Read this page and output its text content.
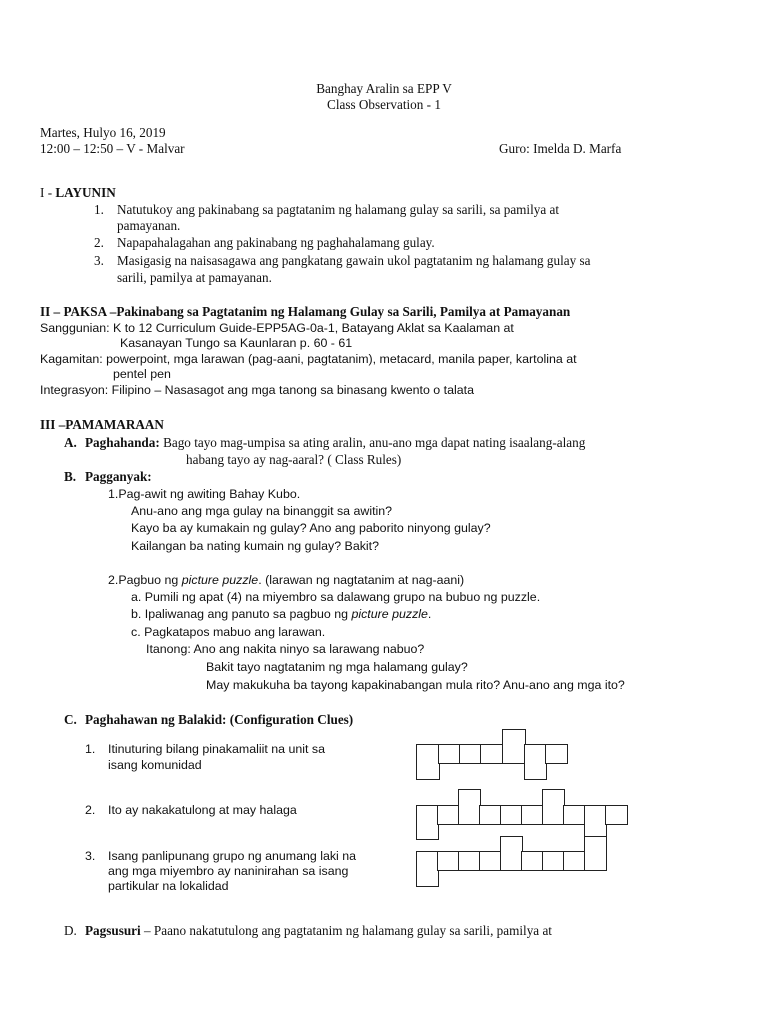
Banghay Aralin sa EPP V
Class Observation - 1
Martes, Hulyo 16, 2019
12:00 – 12:50 – V - Malvar	Guro: Imelda D. Marfa
I - LAYUNIN
1. Natutukoy ang pakinabang sa pagtatanim ng halamang gulay sa sarili, sa pamilya at
pamayanan.
2. Napapahalagahan ang pakinabang ng paghahalamang gulay.
3. Masigasig na naisasagawa ang pangkatang gawain ukol pagtatanim ng halamang gulay sa
sarili, pamilya at pamayanan.
II – PAKSA –Pakinabang sa Pagtatanim ng Halamang Gulay sa Sarili, Pamilya at Pamayanan
Sanggunian: K to 12 Curriculum Guide-EPP5AG-0a-1, Batayang Aklat sa Kaalaman at
Kasanayan Tungo sa Kaunlaran p. 60 - 61
Kagamitan: powerpoint, mga larawan (pag-aani, pagtatanim), metacard, manila paper, kartolina at
pentel pen
Integrasyon: Filipino – Nasasagot ang mga tanong sa binasang kwento o talata
III –PAMAMARAAN
A. Paghahanda: Bago tayo mag-umpisa sa ating aralin, anu-ano mga dapat nating isaalang-alang
habang tayo ay nag-aaral? ( Class Rules)
B. Pagganyak:
1.Pag-awit ng awiting Bahay Kubo.
Anu-ano ang mga gulay na binanggit sa awitin?
Kayo ba ay kumakain ng gulay? Ano ang paborito ninyong gulay?
Kailangan ba nating kumain ng gulay? Bakit?
2.Pagbuo ng picture puzzle. (larawan ng nagtatanim at nag-aani)
a. Pumili ng apat (4) na miyembro sa dalawang grupo na bubuo ng puzzle.
b. Ipaliwanag ang panuto sa pagbuo ng picture puzzle.
c. Pagkatapos mabuo ang larawan.
Itanong: Ano ang nakita ninyo sa larawang nabuo?
Bakit tayo nagtatanim ng mga halamang gulay?
May makukuha ba tayong kapakinabangan mula rito? Anu-ano ang mga ito?
C. Paghahawan ng Balakid: (Configuration Clues)
1. Itinuturing bilang pinakamaliit na unit sa
isang komunidad
2. Ito ay nakakatulong at may halaga
3. Isang panlipunang grupo ng anumang laki na
ang mga miyembro ay naninirahan sa isang
partikular na lokalidad
D. Pagsusuri – Paano nakatutulong ang pagtatanim ng halamang gulay sa sarili, pamilya at
